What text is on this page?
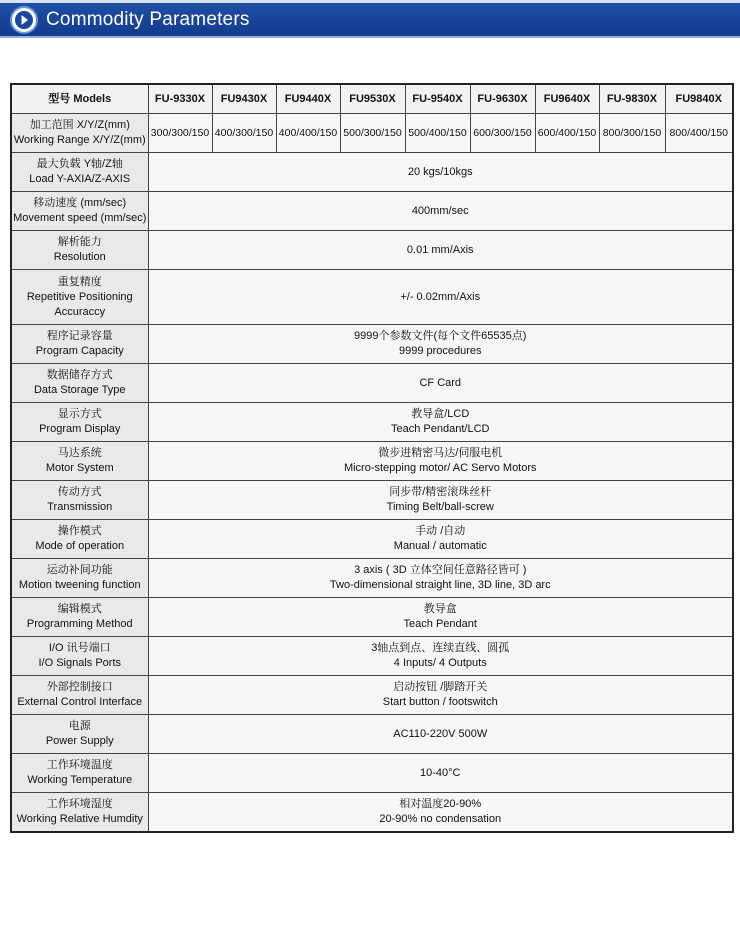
Commodity Parameters
型号 Models	FU-9330X	FU9430X	FU9440X	FU9530X	FU-9540X	FU-9630X	FU9640X	FU-9830X	FU9840X

加工范围 X/Y/Z(mm)
Working Range X/Y/Z(mm)	300/300/150	400/300/150	400/400/150	500/300/150	500/400/150	600/300/150	600/400/150	800/300/150	800/400/150

最大负载 Y轴/Z轴
Load Y-AXIA/Z-AXIS	20 kgs/10kgs								

移动速度 (mm/sec)
Movement speed (mm/sec)	400mm/sec								

解析能力
Resolution	0.01 mm/Axis								

重复精度
Repetitive Positioning
Accuraccy	+/- 0.02mm/Axis								

程序记录容量
Program Capacity	9999个参数文件(每个文件65535点)
9999 procedures								

数据储存方式
Data Storage Type	CF Card								

显示方式
Program Display	教导盒/LCD
Teach Pendant/LCD								

马达系统
Motor System	微步进精密马达/伺服电机
Micro-stepping motor/ AC Servo Motors								

传动方式
Transmission	同步带/精密滚珠丝杆
Timing Belt/ball-screw								

操作模式
Mode of operation	手动 /自动
Manual / automatic								

运动补间功能
Motion tweening function	3 axis ( 3D 立体空间任意路径皆可 )
Two-dimensional straight line, 3D line, 3D arc								

编辑模式
Programming Method	教导盒
Teach Pendant								

I/O 讯号端口
I/O Signals Ports	3轴点到点、连续直线、圆孤
4 Inputs/ 4 Outputs								

外部控制接口
External Control Interface	启动按钮 /脚踏开关
Start button / footswitch								

电源
Power Supply	AC110-220V 500W								

工作环境温度
Working Temperature	10-40°C								

工作环境湿度
Working Relative Humdity	相对温度20-90%
20-90% no condensation								
